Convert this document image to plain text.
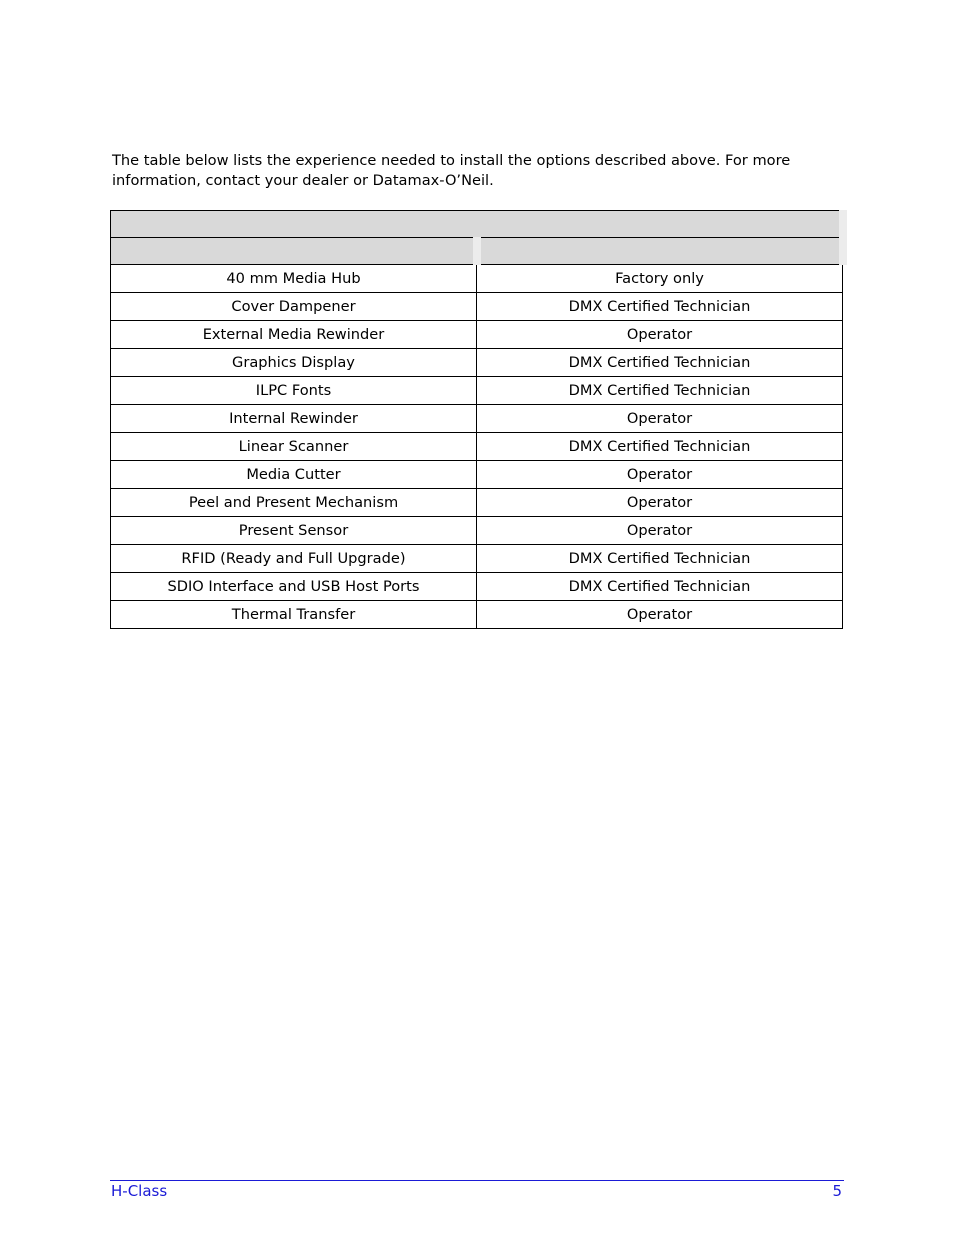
The table below lists the experience needed to install the options described above. For more information, contact your dealer or Datamax-O’Neil.

40 mm Media Hub	Factory only
Cover Dampener	DMX Certified Technician
External Media Rewinder	Operator
Graphics Display	DMX Certified Technician
ILPC Fonts	DMX Certified Technician
Internal Rewinder	Operator
Linear Scanner	DMX Certified Technician
Media Cutter	Operator
Peel and Present Mechanism	Operator
Present Sensor	Operator
RFID (Ready and Full Upgrade)	DMX Certified Technician
SDIO Interface and USB Host Ports	DMX Certified Technician
Thermal Transfer	Operator
H-Class	5
